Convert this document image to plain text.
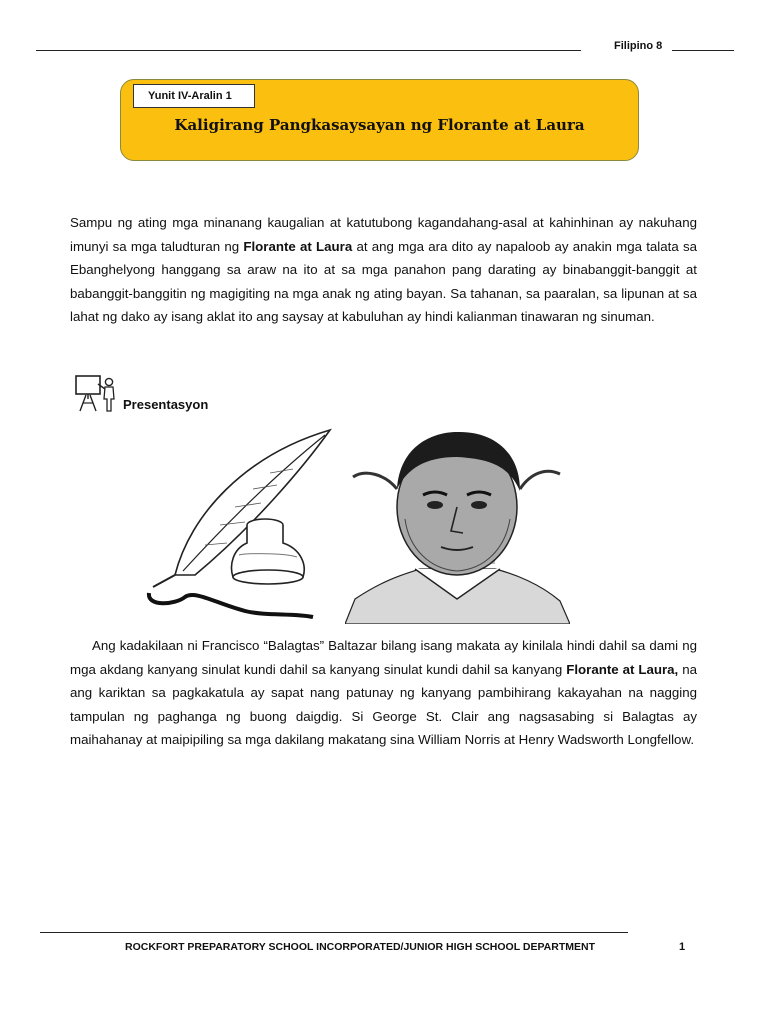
Filipino 8
Yunit IV-Aralin 1
Kaligirang Pangkasaysayan ng Florante at Laura
Sampu ng ating mga minanang kaugalian at katutubong kagandahang-asal at kahinhinan ay nakuhang imunyi sa mga taludturan ng Florante at Laura at ang mga ara dito ay napaloob ay anakin mga talata sa Ebanghelyong hanggang sa araw na ito at sa mga panahon pang darating ay binabanggit-banggit at babanggit-banggitin ng magigiting na mga anak ng ating bayan. Sa tahanan, sa paaralan, sa lipunan at sa lahat ng dako ay isang aklat ito ang saysay at kabuluhan ay hindi kalianman tinawaran ng sinuman.
Presentasyon
Ang kadakilaan ni Francisco “Balagtas” Baltazar bilang isang makata ay kinilala hindi dahil sa dami ng mga akdang kanyang sinulat kundi dahil sa kanyang sinulat kundi dahil sa kanyang Florante at Laura, na ang kariktan sa pagkakatula ay sapat nang patunay ng kanyang pambihirang kakayahan na nagging tampulan ng paghanga ng buong daigdig. Si George St. Clair ang nagsasabing si Balagtas ay maihahanay at maipipiling sa mga dakilang makatang sina William Norris at Henry Wadsworth Longfellow.
ROCKFORT PREPARATORY SCHOOL INCORPORATED/JUNIOR HIGH SCHOOL DEPARTMENT	1
